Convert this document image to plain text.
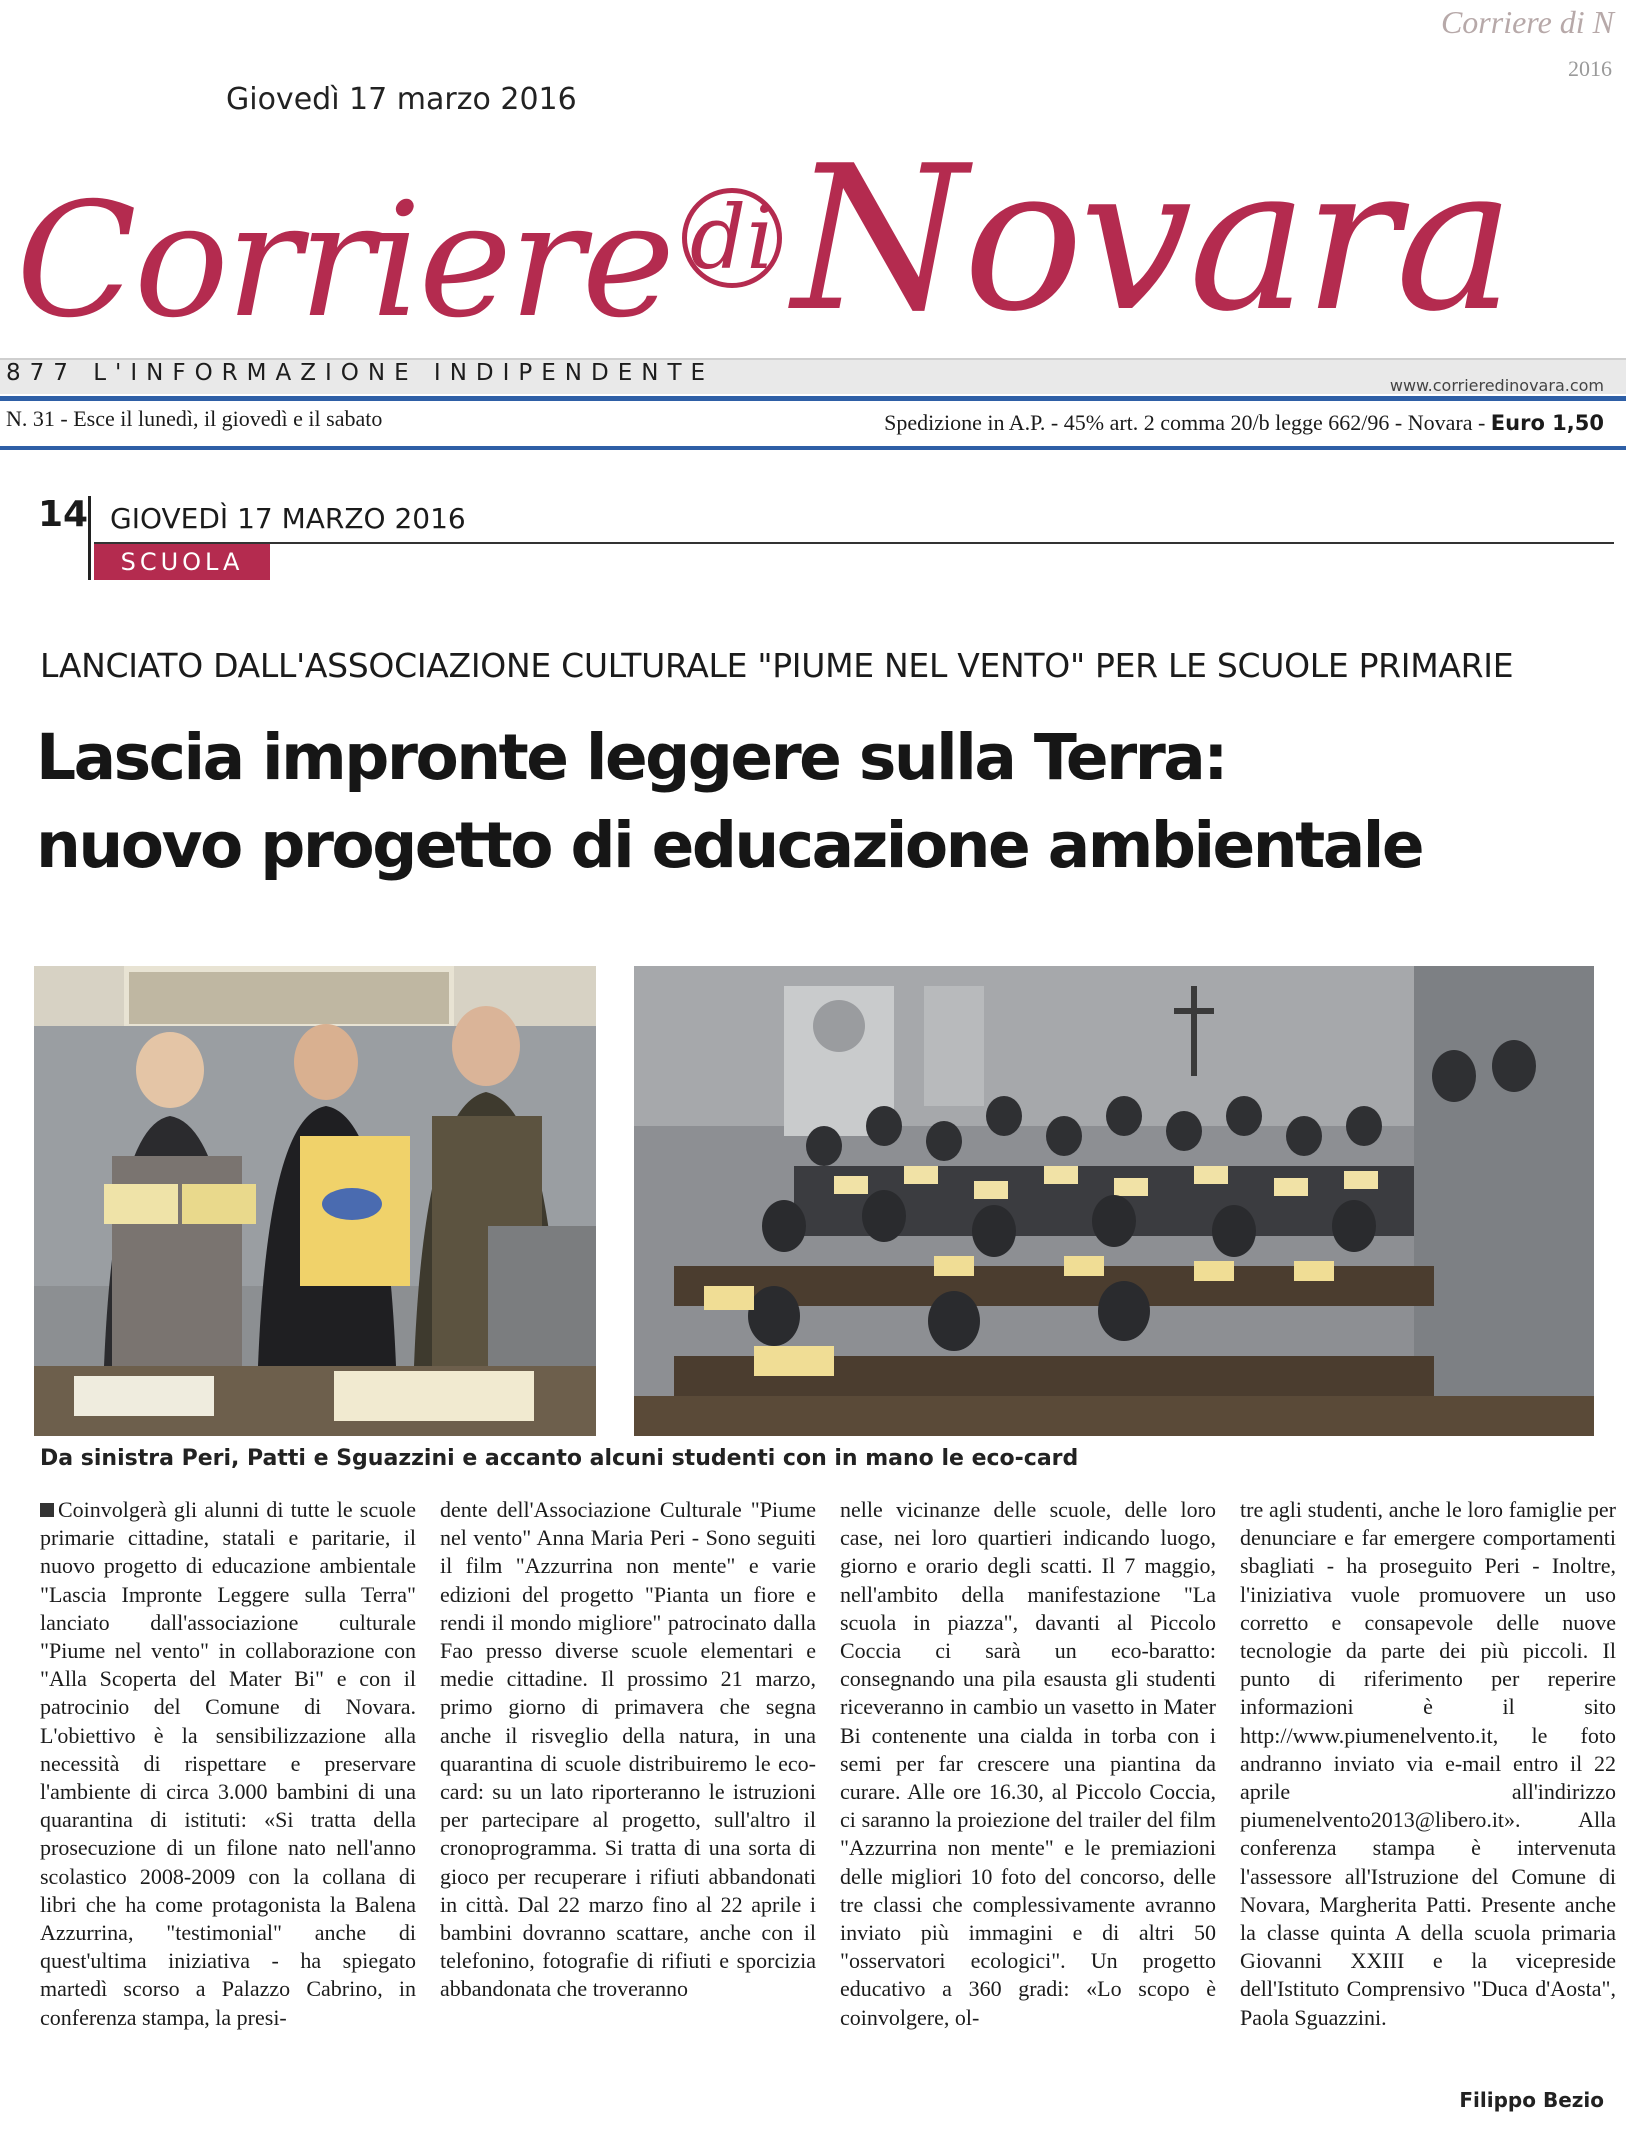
Corriere di N
2016
Giovedì 17 marzo 2016
Corriere di Novara
877 L'INFORMAZIONE INDIPENDENTE	www.corrieredinovara.com
N. 31 - Esce il lunedì, il giovedì e il sabato	Spedizione in A.P. - 45% art. 2 comma 20/b legge 662/96 - Novara - Euro 1,50
14 GIOVEDÌ 17 MARZO 2016
SCUOLA
LANCIATO DALL'ASSOCIAZIONE CULTURALE "PIUME NEL VENTO" PER LE SCUOLE PRIMARIE
Lascia impronte leggere sulla Terra:
nuovo progetto di educazione ambientale
Da sinistra Peri, Patti e Sguazzini e accanto alcuni studenti con in mano le eco-card
Coinvolgerà gli alunni di tutte le scuole primarie cittadine, statali e paritarie, il nuovo progetto di educazione ambientale "Lascia Impronte Leggere sulla Terra" lanciato dall'associazione culturale "Piume nel vento" in collaborazione con "Alla Scoperta del Mater Bi" e con il patrocinio del Comune di Novara. L'obiettivo è la sensibilizzazione alla necessità di rispettare e preservare l'ambiente di circa 3.000 bambini di una quarantina di istituti: «Si tratta della prosecuzione di un filone nato nell'anno scolastico 2008-2009 con la collana di libri che ha come protagonista la Balena Azzurrina, "testimonial" anche di quest'ultima iniziativa - ha spiegato martedì scorso a Palazzo Cabrino, in conferenza stampa, la presi-
dente dell'Associazione Culturale "Piume nel vento" Anna Maria Peri - Sono seguiti il film "Azzurrina non mente" e varie edizioni del progetto "Pianta un fiore e rendi il mondo migliore" patrocinato dalla Fao presso diverse scuole elementari e medie cittadine. Il prossimo 21 marzo, primo giorno di primavera che segna anche il risveglio della natura, in una quarantina di scuole distribuiremo le eco-card: su un lato riporteranno le istruzioni per partecipare al progetto, sull'altro il cronoprogramma. Si tratta di una sorta di gioco per recuperare i rifiuti abbandonati in città. Dal 22 marzo fino al 22 aprile i bambini dovranno scattare, anche con il telefonino, fotografie di rifiuti e sporcizia abbandonata che troveranno
nelle vicinanze delle scuole, delle loro case, nei loro quartieri indicando luogo, giorno e orario degli scatti. Il 7 maggio, nell'ambito della manifestazione "La scuola in piazza", davanti al Piccolo Coccia ci sarà un eco-baratto: consegnando una pila esausta gli studenti riceveranno in cambio un vasetto in Mater Bi contenente una cialda in torba con i semi per far crescere una piantina da curare. Alle ore 16.30, al Piccolo Coccia, ci saranno la proiezione del trailer del film "Azzurrina non mente" e le premiazioni delle migliori 10 foto del concorso, delle tre classi che complessivamente avranno inviato più immagini e di altri 50 "osservatori ecologici". Un progetto educativo a 360 gradi: «Lo scopo è coinvolgere, ol-
tre agli studenti, anche le loro famiglie per denunciare e far emergere comportamenti sbagliati - ha proseguito Peri - Inoltre, l'iniziativa vuole promuovere un uso corretto e consapevole delle nuove tecnologie da parte dei più piccoli. Il punto di riferimento per reperire informazioni è il sito http://www.piumenelvento.it, le foto andranno inviato via e-mail entro il 22 aprile all'indirizzo piumenelvento2013@libero.it». Alla conferenza stampa è intervenuta l'assessore all'Istruzione del Comune di Novara, Margherita Patti. Presente anche la classe quinta A della scuola primaria Giovanni XXIII e la vicepreside dell'Istituto Comprensivo "Duca d'Aosta", Paola Sguazzini.
Filippo Bezio
